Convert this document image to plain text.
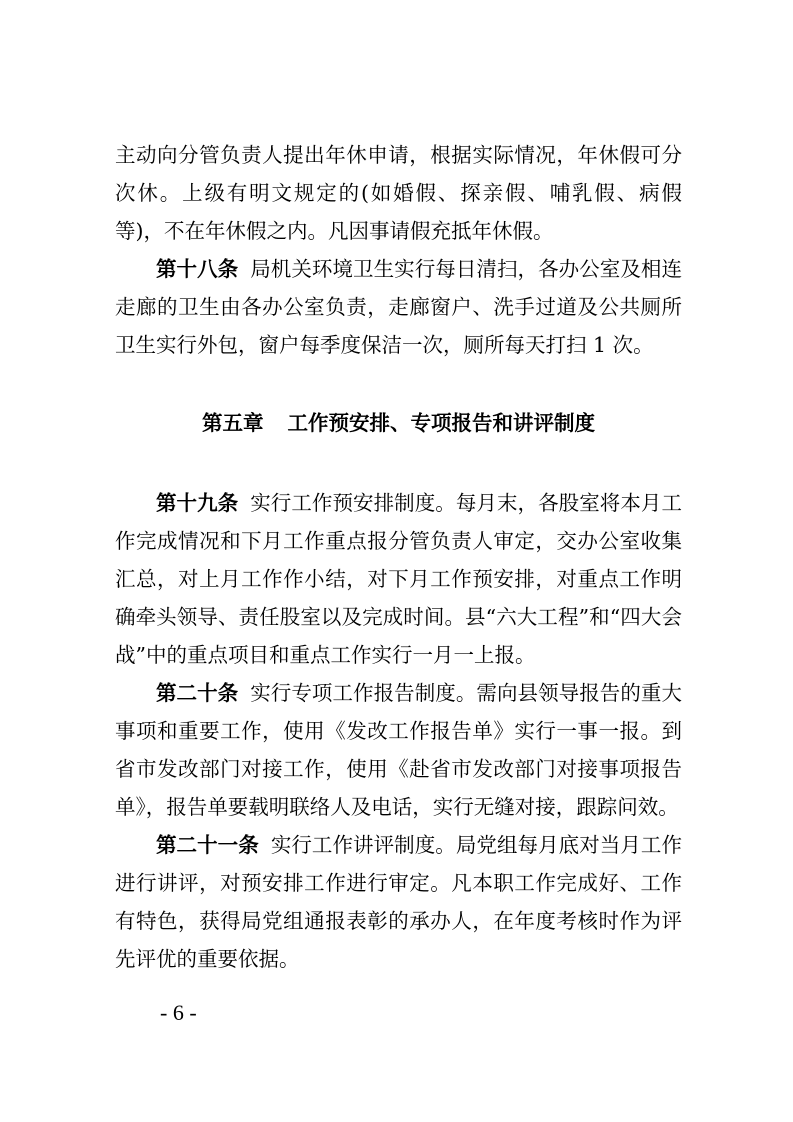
主动向分管负责人提出年休申请，根据实际情况，年休假可分次休。上级有明文规定的(如婚假、探亲假、哺乳假、病假等)，不在年休假之内。凡因事请假充抵年休假。

第十八条 局机关环境卫生实行每日清扫，各办公室及相连走廊的卫生由各办公室负责，走廊窗户、洗手过道及公共厕所卫生实行外包，窗户每季度保洁一次，厕所每天打扫 1 次。

第五章 工作预安排、专项报告和讲评制度

第十九条 实行工作预安排制度。每月末，各股室将本月工作完成情况和下月工作重点报分管负责人审定，交办公室收集汇总，对上月工作作小结，对下月工作预安排，对重点工作明确牵头领导、责任股室以及完成时间。县“六大工程”和“四大会战”中的重点项目和重点工作实行一月一上报。

第二十条 实行专项工作报告制度。需向县领导报告的重大事项和重要工作，使用《发改工作报告单》实行一事一报。到省市发改部门对接工作，使用《赴省市发改部门对接事项报告单》，报告单要载明联络人及电话，实行无缝对接，跟踪问效。

第二十一条 实行工作讲评制度。局党组每月底对当月工作进行讲评，对预安排工作进行审定。凡本职工作完成好、工作有特色，获得局党组通报表彰的承办人，在年度考核时作为评先评优的重要依据。

- 6 -
